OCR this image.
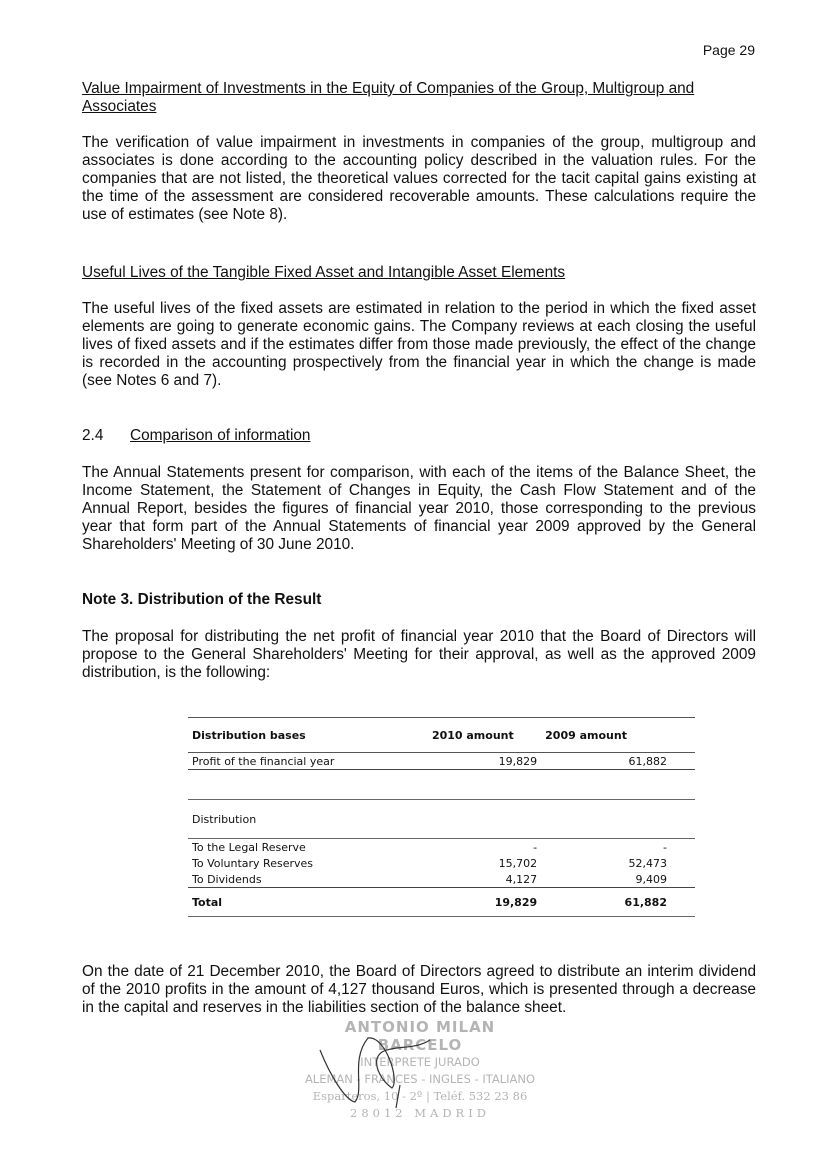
Page 29
Value Impairment of Investments in the Equity of Companies of the Group, Multigroup and Associates
The verification of value impairment in investments in companies of the group, multigroup and associates is done according to the accounting policy described in the valuation rules. For the companies that are not listed, the theoretical values corrected for the tacit capital gains existing at the time of the assessment are considered recoverable amounts. These calculations require the use of estimates (see Note 8).
Useful Lives of the Tangible Fixed Asset and Intangible Asset Elements
The useful lives of the fixed assets are estimated in relation to the period in which the fixed asset elements are going to generate economic gains. The Company reviews at each closing the useful lives of fixed assets and if the estimates differ from those made previously, the effect of the change is recorded in the accounting prospectively from the financial year in which the change is made (see Notes 6 and 7).
2.4 Comparison of information
The Annual Statements present for comparison, with each of the items of the Balance Sheet, the Income Statement, the Statement of Changes in Equity, the Cash Flow Statement and of the Annual Report, besides the figures of financial year 2010, those corresponding to the previous year that form part of the Annual Statements of financial year 2009 approved by the General Shareholders' Meeting of 30 June 2010.
Note 3. Distribution of the Result
The proposal for distributing the net profit of financial year 2010 that the Board of Directors will propose to the General Shareholders' Meeting for their approval, as well as the approved 2009 distribution, is the following:
Distribution bases	2010 amount	2009 amount
Profit of the financial year	19,829	61,882

Distribution		
To the Legal Reserve	-	-
To Voluntary Reserves	15,702	52,473
To Dividends	4,127	9,409
Total	19,829	61,882
On the date of 21 December 2010, the Board of Directors agreed to distribute an interim dividend of the 2010 profits in the amount of 4,127 thousand Euros, which is presented through a decrease in the capital and reserves in the liabilities section of the balance sheet.
ANTONIO MILAN BARCELO
INTERPRETE JURADO
ALEMAN - FRANCES - INGLES - ITALIANO
Esparteros, 10 - 2º | Teléf. 532 23 86
28012 MADRID
